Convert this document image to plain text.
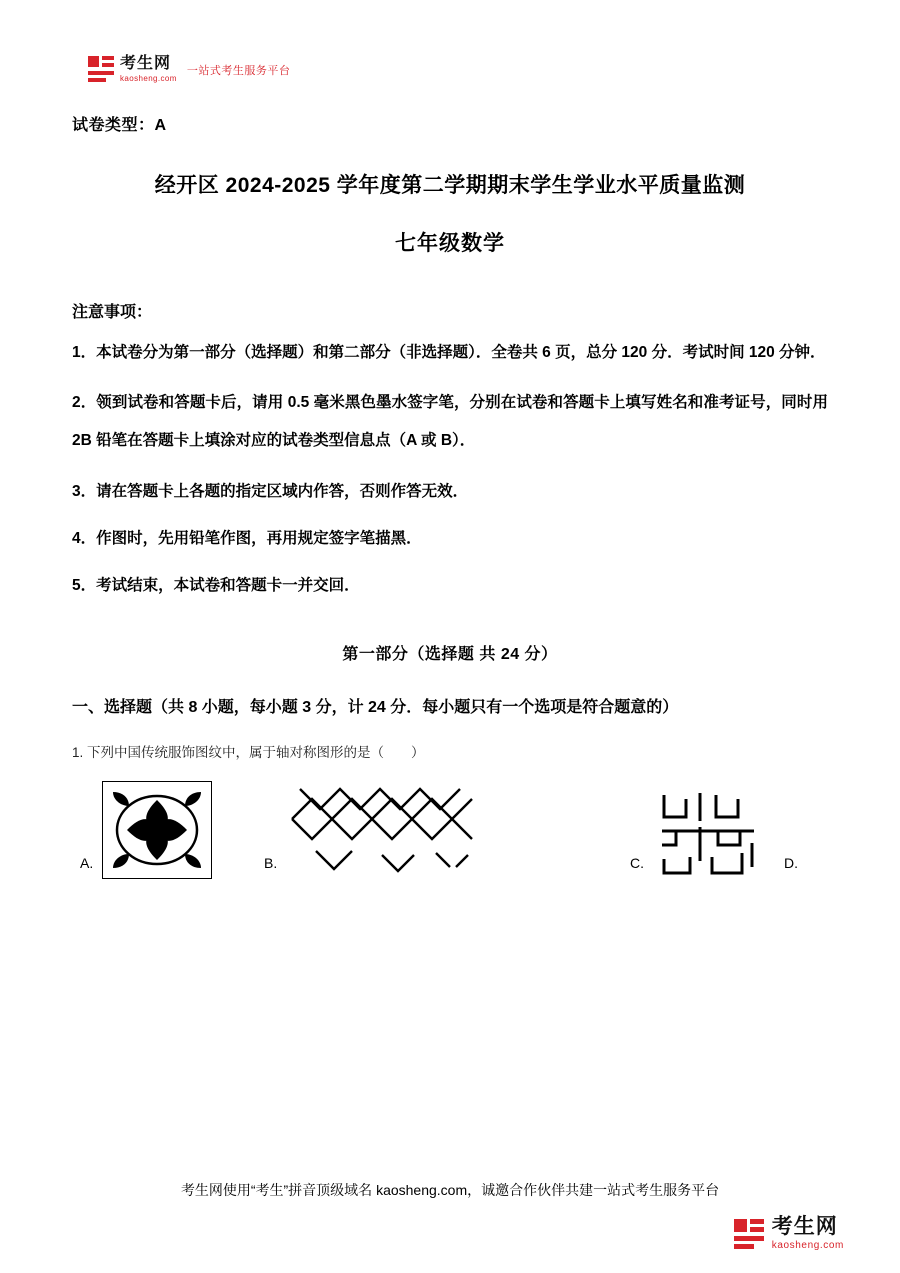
考生网
kaosheng.com
一站式考生服务平台

试卷类型：A

经开区 2024-2025 学年度第二学期期末学生学业水平质量监测
七年级数学

注意事项：

1．本试卷分为第一部分（选择题）和第二部分（非选择题）．全卷共 6 页，总分 120 分．考试时间 120 分钟．

2．领到试卷和答题卡后，请用 0.5 毫米黑色墨水签字笔，分别在试卷和答题卡上填写姓名和准考证号，同时用 2B 铅笔在答题卡上填涂对应的试卷类型信息点（A 或 B）．

3．请在答题卡上各题的指定区域内作答，否则作答无效．

4．作图时，先用铅笔作图，再用规定签字笔描黑．

5．考试结束，本试卷和答题卡一并交回．

第一部分（选择题 共 24 分）

一、选择题（共 8 小题，每小题 3 分，计 24 分．每小题只有一个选项是符合题意的）

1. 下列中国传统服饰图纹中，属于轴对称图形的是（　　）

A.	B.	C.	D.
考生网使用“考生”拼音顶级域名 kaosheng.com，诚邀合作伙伴共建一站式考生服务平台
考生网
kaosheng.com
